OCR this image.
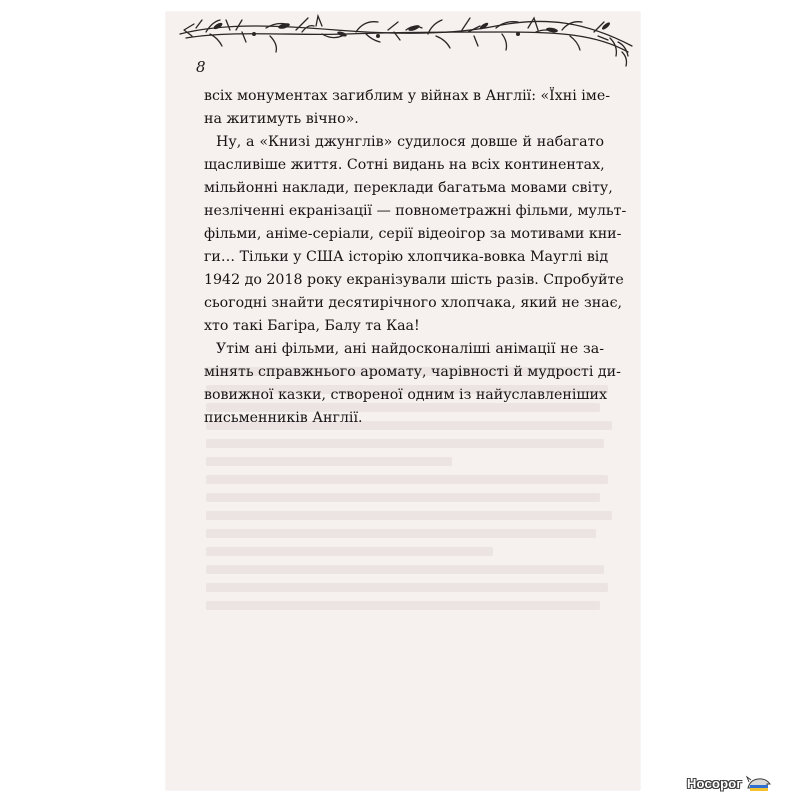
8
всіх монументах загиблим у війнах в Англії: «Їхні іме-
на житимуть вічно».
Ну, а «Книзі джунглів» судилося довше й набагато
щасливіше життя. Сотні видань на всіх континентах,
мільйонні наклади, переклади багатьма мовами світу,
незліченні екранізації — повнометражні фільми, мульт-
фільми, аніме-серіали, серії відеоігор за мотивами кни-
ги… Тільки у США історію хлопчика-вовка Мауглі від
1942 до 2018 року екранізували шість разів. Спробуйте
сьогодні знайти десятирічного хлопчака, який не знає,
хто такі Багіра, Балу та Каа!
Утім ані фільми, ані найдосконаліші анімації не за-
мінять справжнього аромату, чарівності й мудрості ди-
вовижної казки, створеної одним із найуславленіших
письменників Англії.
Носорог
